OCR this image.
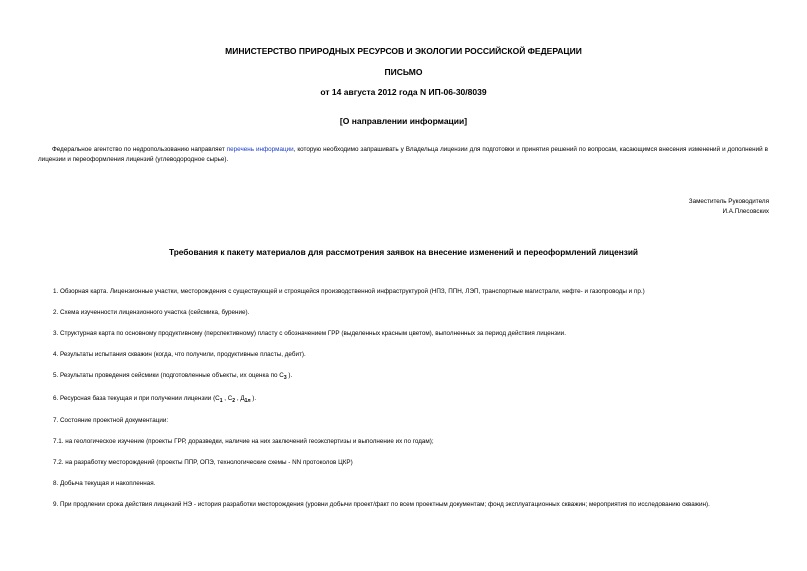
МИНИСТЕРСТВО ПРИРОДНЫХ РЕСУРСОВ И ЭКОЛОГИИ РОССИЙСКОЙ ФЕДЕРАЦИИ
ПИСЬМО
от 14 августа 2012 года N ИП-06-30/8039
[О направлении информации]
Федеральное агентство по недропользованию направляет перечень информации, которую необходимо запрашивать у Владельца лицензии для подготовки и принятия решений по вопросам, касающимся внесения изменений и дополнений в лицензии и переоформления лицензий (углеводородное сырье).
Заместитель Руководителя
И.А.Плесовских
Требования к пакету материалов для рассмотрения заявок на внесение изменений и переоформлений лицензий
1. Обзорная карта. Лицензионные участки, месторождения с существующей и строящейся производственной инфраструктурой (НПЗ, ППН, ЛЭП, транспортные магистрали, нефте- и газопроводы и пр.)
2. Схема изученности лицензионного участка (сейсмика, бурение).
3. Структурная карта по основному продуктивному (перспективному) пласту с обозначением ГРР (выделенных красным цветом), выполненных за период действия лицензии.
4. Результаты испытания скважин (когда, что получили, продуктивные пласты, дебит).
5. Результаты проведения сейсмики (подготовленные объекты, их оценка по $С_3$ ).
6. Ресурсная база текущая и при получении лицензии ($С_1$ , $С_2$ , $Д_{1л}$ ).
7. Состояние проектной документации:
7.1. на геологическое изучение (проекты ГРР, доразведки, наличие на них заключений геоэкспертизы и выполнение их по годам);
7.2. на разработку месторождений (проекты ППР, ОПЭ, технологические схемы - NN протоколов ЦКР)
8. Добыча текущая и накопленная.
9. При продлении срока действия лицензий НЭ - история разработки месторождения (уровни добычи проект/факт по всем проектным документам; фонд эксплуатационных скважин; мероприятия по исследованию скважин).
